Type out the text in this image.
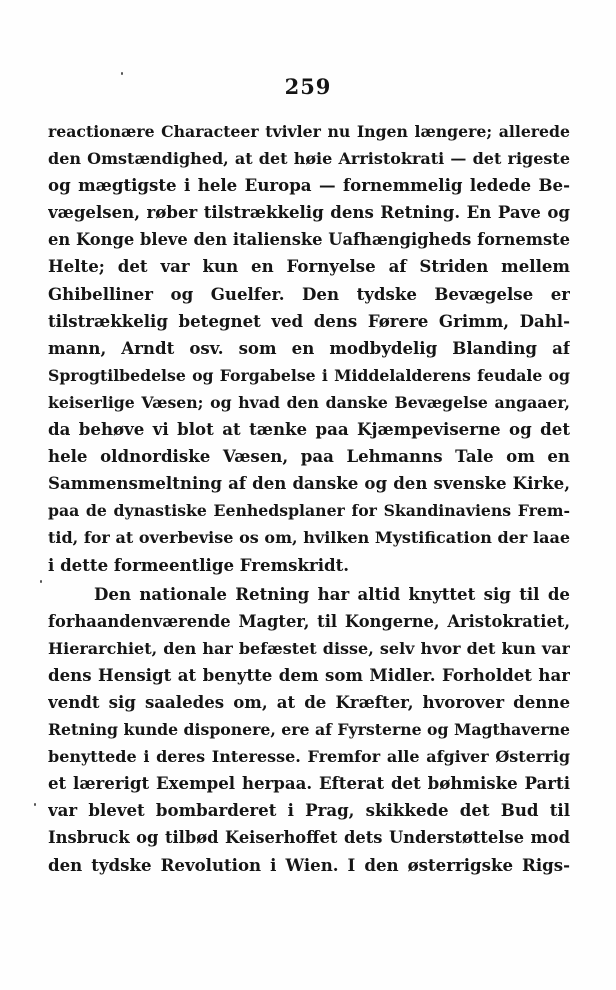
259
reactionære Characteer tvivler nu Ingen længere; allerede
den Omstændighed, at det høie Arristokrati — det rigeste
og mægtigste i hele Europa — fornemmelig ledede Be-
vægelsen, røber tilstrækkelig dens Retning. En Pave og
en Konge bleve den italienske Uafhængigheds fornemste
Helte; det var kun en Fornyelse af Striden mellem
Ghibelliner og Guelfer. Den tydske Bevægelse er
tilstrækkelig betegnet ved dens Førere Grimm, Dahl-
mann, Arndt osv. som en modbydelig Blanding af
Sprogtilbedelse og Forgabelse i Middelalderens feudale og
keiserlige Væsen; og hvad den danske Bevægelse angaaer,
da behøve vi blot at tænke paa Kjæmpeviserne og det
hele oldnordiske Væsen, paa Lehmanns Tale om en
Sammensmeltning af den danske og den svenske Kirke,
paa de dynastiske Eenhedsplaner for Skandinaviens Frem-
tid, for at overbevise os om, hvilken Mystification der laae
i dette formeentlige Fremskridt.
Den nationale Retning har altid knyttet sig til de
forhaandenværende Magter, til Kongerne, Aristokratiet,
Hierarchiet, den har befæstet disse, selv hvor det kun var
dens Hensigt at benytte dem som Midler. Forholdet har
vendt sig saaledes om, at de Kræfter, hvorover denne
Retning kunde disponere, ere af Fyrsterne og Magthaverne
benyttede i deres Interesse. Fremfor alle afgiver Østerrig
et lærerigt Exempel herpaa. Efterat det bøhmiske Parti
var blevet bombarderet i Prag, skikkede det Bud til
Insbruck og tilbød Keiserhoffet dets Understøttelse mod
den tydske Revolution i Wien. I den østerrigske Rigs-
